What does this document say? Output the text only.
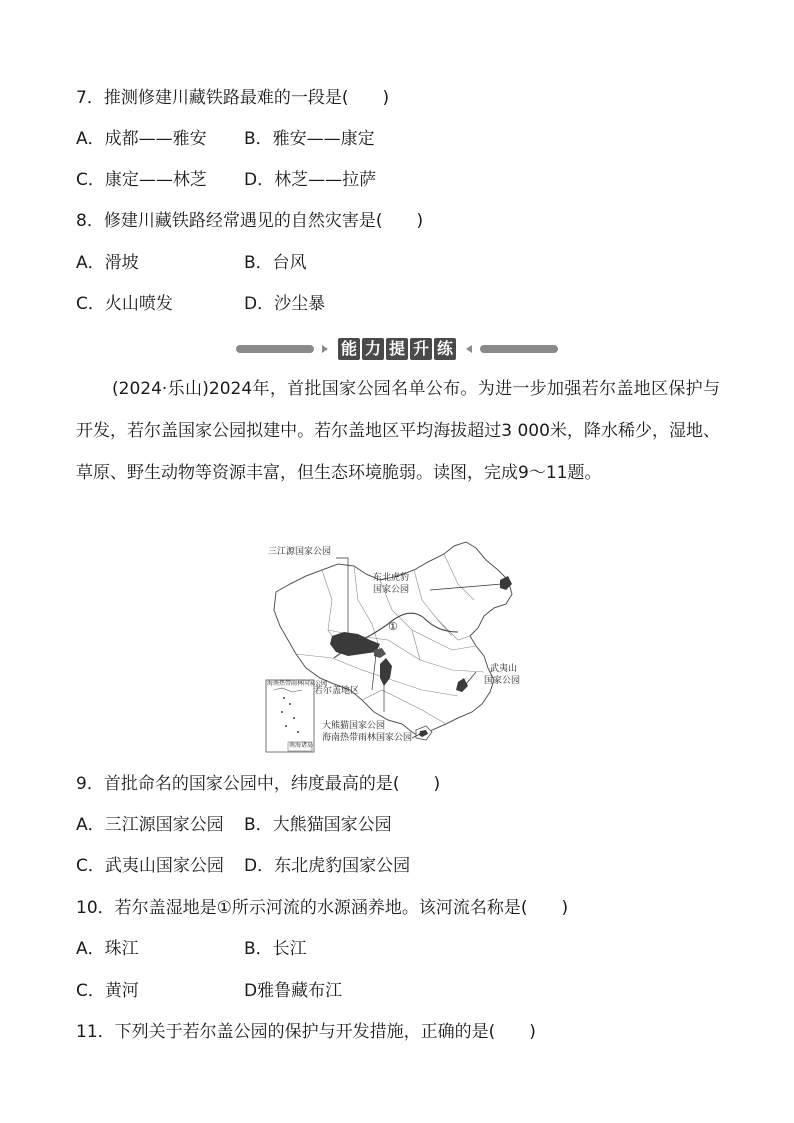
7．推测修建川藏铁路最难的一段是(　　)
A．成都——雅安 B．雅安——康定
C．康定——林芝 D．林芝——拉萨
8．修建川藏铁路经常遇见的自然灾害是(　　)
A．滑坡	B．台风
C．火山喷发	D．沙尘暴
能 力 提 升 练
(2024·乐山)2024年，首批国家公园名单公布。为进一步加强若尔盖地区保护与开发，若尔盖国家公园拟建中。若尔盖地区平均海拔超过3 000米，降水稀少，湿地、草原、野生动物等资源丰富，但生态环境脆弱。读图，完成9～11题。
三江源国家公园
东北虎豹
国家公园
①
武夷山
国家公园
若尔盖地区
大熊猫国家公园
海南热带雨林国家公园
海南热带雨林国家公园
南海诸岛
9．首批命名的国家公园中，纬度最高的是(　　)
A．三江源国家公园 B．大熊猫国家公园
C．武夷山国家公园 D．东北虎豹国家公园
10．若尔盖湿地是①所示河流的水源涵养地。该河流名称是(　　)
A．珠江	B．长江
C．黄河	D雅鲁藏布江
11．下列关于若尔盖公园的保护与开发措施，正确的是(　　)
